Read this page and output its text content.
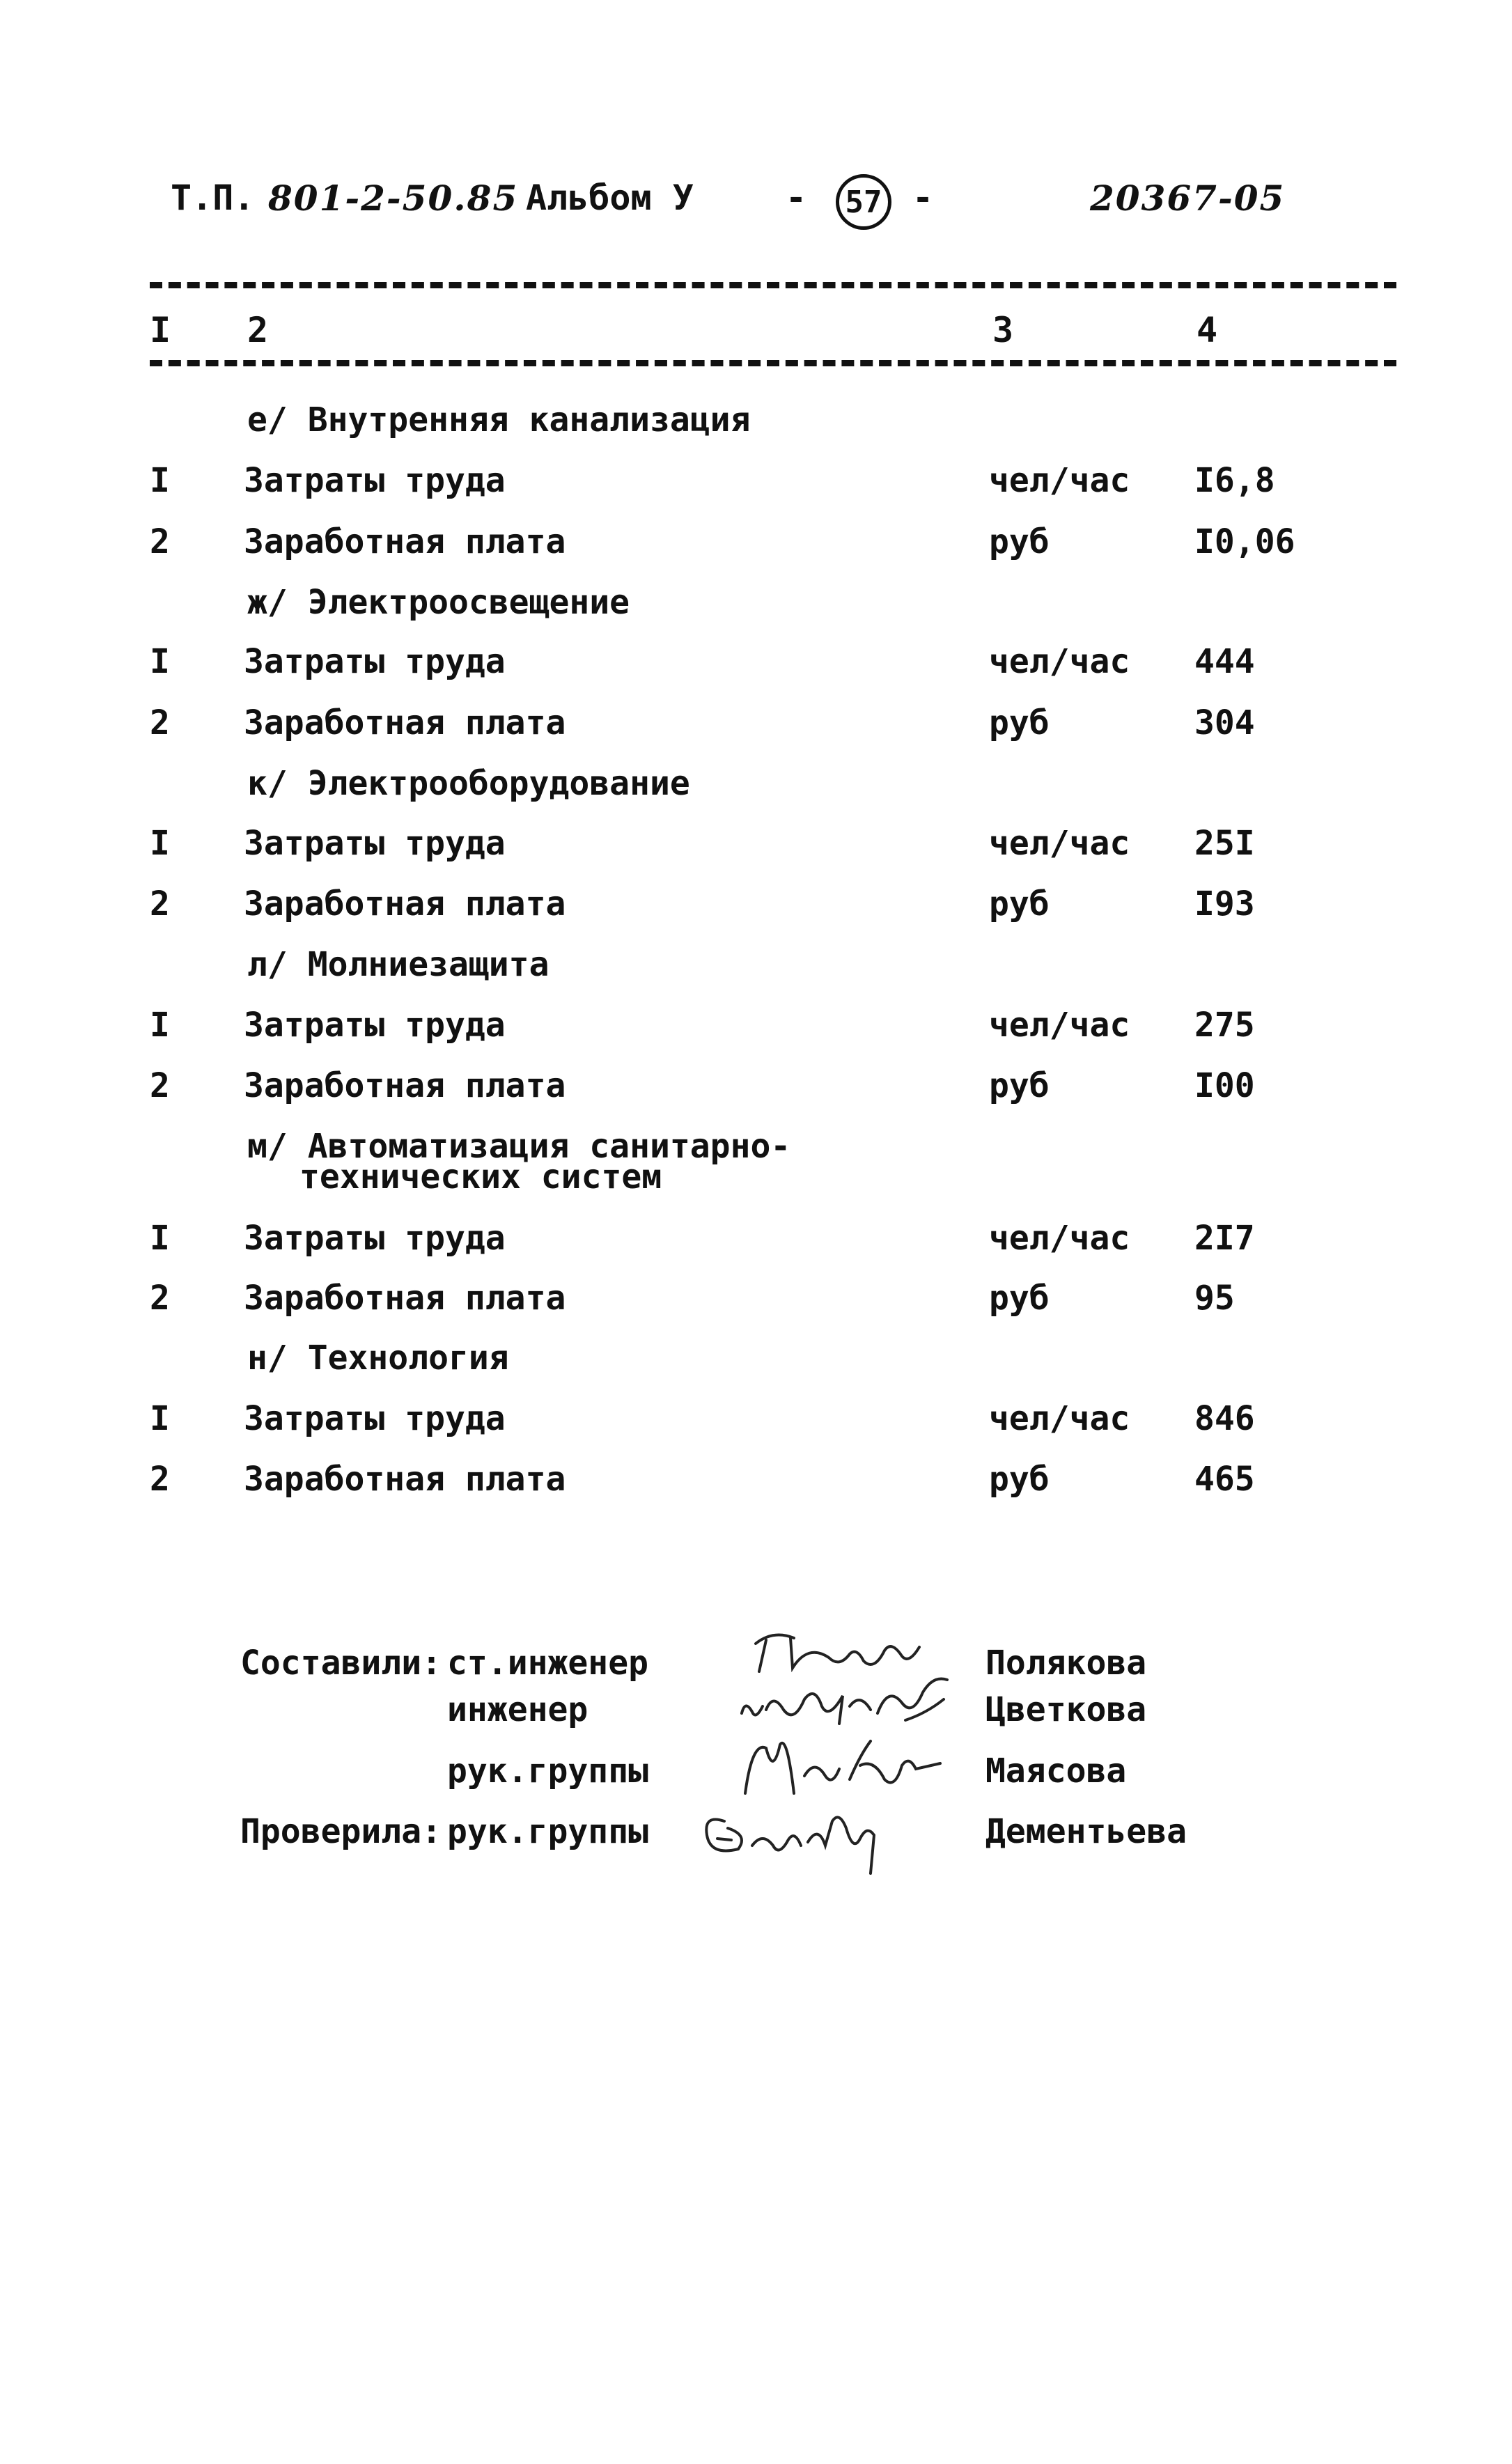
Т.П. 801-2-50.85 Альбом У	- 57 -	20367-05
I 2	3	4
е/ Внутренняя канализация
I Затраты труда	чел/час I6,8
2 Заработная плата	руб	I0,06
ж/ Электроосвещение
I Затраты труда	чел/час 444
2 Заработная плата	руб	304
к/ Электрооборудование
I Затраты труда	чел/час 25I
2 Заработная плата	руб	I93
л/ Молниезащита
I Затраты труда	чел/час 275
2 Заработная плата	руб	I00
м/ Автоматизация санитарно-
технических систем
I Затраты труда	чел/час 2I7
2 Заработная плата	руб	95
н/ Технология
I Затраты труда	чел/час 846
2 Заработная плата	руб	465
Составили: ст.инженер	Полякова
инженер	Цветкова
рук.группы	Маясова
Проверила: рук.группы	Дементьева
